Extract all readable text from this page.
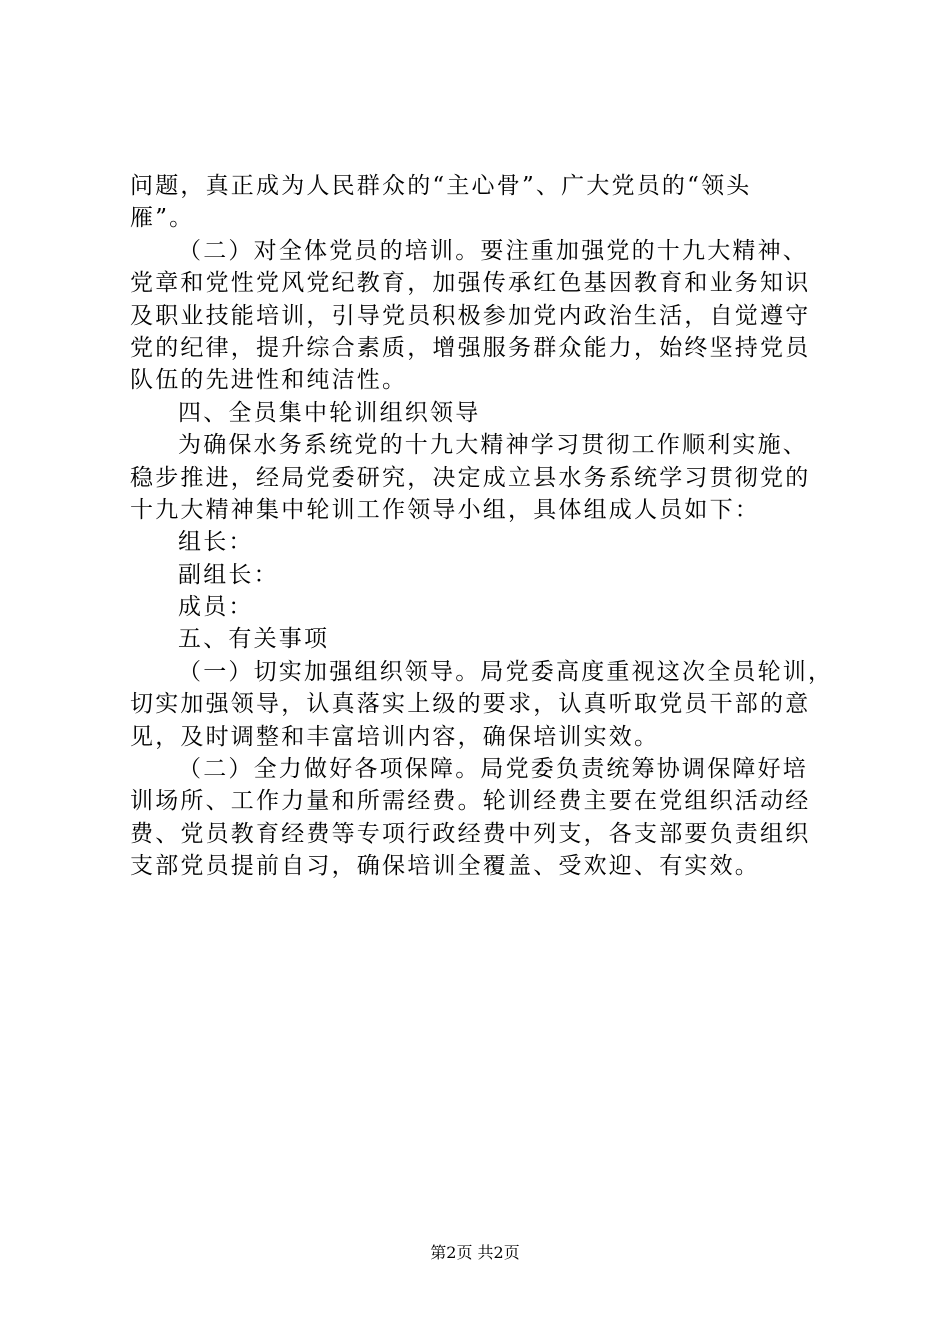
问题，真正成为人民群众的“主心骨”、广大党员的“领头
雁”。
（二）对全体党员的培训。要注重加强党的十九大精神、
党章和党性党风党纪教育，加强传承红色基因教育和业务知识
及职业技能培训，引导党员积极参加党内政治生活，自觉遵守
党的纪律，提升综合素质，增强服务群众能力，始终坚持党员
队伍的先进性和纯洁性。
四、全员集中轮训组织领导
为确保水务系统党的十九大精神学习贯彻工作顺利实施、
稳步推进，经局党委研究，决定成立县水务系统学习贯彻党的
十九大精神集中轮训工作领导小组，具体组成人员如下：
组长：
副组长：
成员：
五、有关事项
（一）切实加强组织领导。局党委高度重视这次全员轮训，
切实加强领导，认真落实上级的要求，认真听取党员干部的意
见，及时调整和丰富培训内容，确保培训实效。
（二）全力做好各项保障。局党委负责统筹协调保障好培
训场所、工作力量和所需经费。轮训经费主要在党组织活动经
费、党员教育经费等专项行政经费中列支，各支部要负责组织
支部党员提前自习，确保培训全覆盖、受欢迎、有实效。
第2页 共2页
